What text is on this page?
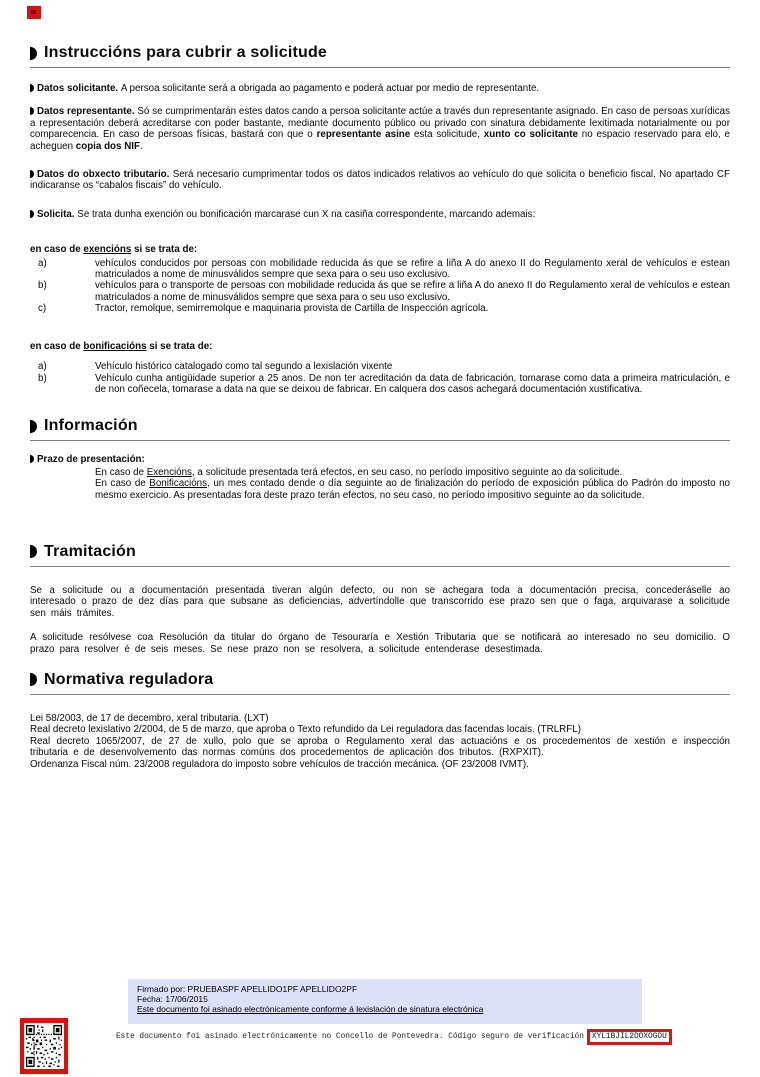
Instruccións para cubrir a solicitude
Datos solicitante. A persoa solicitante será a obrigada ao pagamento e poderá actuar por medio de representante.
Datos representante. Só se cumprimentarán estes datos cando a persoa solicitante actúe a través dun representante asignado. En caso de persoas xurídicas a representación deberá acreditarse con poder bastante, mediante documento público ou privado con sinatura debidamente lexitimada notarialmente ou por comparecencia. En caso de persoas físicas, bastará con que o representante asine esta solicitude, xunto co solicitante no espacio reservado para elo, e acheguen copia dos NIF.
Datos do obxecto tributario. Será necesario cumprimentar todos os datos indicados relativos ao vehículo do que solicita o beneficio fiscal. No apartado CF indicaranse os “cabalos fiscais” do vehículo.
Solicita. Se trata dunha exención ou bonificación marcarase cun X na casiña correspondente, marcando ademais:
en caso de exencións si se trata de:
a)	vehículos conducidos por persoas con mobilidade reducida ás que se refire a liña A do anexo II do Regulamento xeral de vehículos e estean matriculados a nome de minusválidos sempre que sexa para o seu uso exclusivo.
b)	vehículos para o transporte de persoas con mobilidade reducida ás que se refire a liña A do anexo II do Regulamento xeral de vehículos e estean matriculados a nome de minusválidos sempre que sexa para o seu uso exclusivo.
c)	Tractor, remolque, semirremolque e maquinaria provista de Cartilla de Inspección agrícola.
en caso de bonificacións si se trata de:
a)	Vehículo histórico catalogado como tal segundo a lexislación vixente
b)	Vehículo cunha antigüidade superior a 25 anos. De non ter acreditación da data de fabricación, tomarase como data a primeira matriculación, e de non coñecela, tomarase a data na que se deixou de fabricar. En calquera dos casos achegará documentación xustificativa.
Información
Prazo de presentación:
En caso de Exencións, a solicitude presentada terá efectos, en seu caso, no período impositivo seguinte ao da solicitude.
En caso de Bonificacións, un mes contado dende o día seguinte ao de finalización do período de exposición pública do Padrón do imposto no mesmo exercicio. As presentadas fora deste prazo terán efectos, no seu caso, no período impositivo seguinte ao da solicitude.
Tramitación
Se a solicitude ou a documentación presentada tiveran algún defecto, ou non se achegara toda a documentación precisa, concederáselle ao interesado o prazo de dez días para que subsane as deficiencias, advertíndolle que transcorrido ese prazo sen que o faga, arquivarase a solicitude sen máis trámites.
A solicitude resólvese coa Resolución da titular do órgano de Tesouraría e Xestión Tributaria que se notificará ao interesado no seu domicilio. O prazo para resolver é de seis meses. Se nese prazo non se resolvera, a solicitude entenderase desestimada.
Normativa reguladora
Lei 58/2003, de 17 de decembro, xeral tributaria. (LXT)
Real decreto lexislativo 2/2004, de 5 de marzo, que aproba o Texto refundido da Lei reguladora das facendas locais. (TRLRFL)
Real decreto 1065/2007, de 27 de xullo, polo que se aproba o Regulamento xeral das actuacións e os procedementos de xestión e inspección tributaria e de desenvolvemento das normas comúns dos procedementos de aplicación dos tributos. (RXPXIT).
Ordenanza Fiscal núm. 23/2008 reguladora do imposto sobre vehículos de tracción mecánica. (OF 23/2008 IVMT).
Firmado por: PRUEBASPF APELLIDO1PF APELLIDO2PF
Fecha: 17/06/2015
Este documento foi asinado electrónicamente conforme á lexislación de sinatura electrónica
Este documento foi asinado electrónicamente no Concello de Pontevedra. Código seguro de verificación	XYL1BJIL2DOXOGOU
